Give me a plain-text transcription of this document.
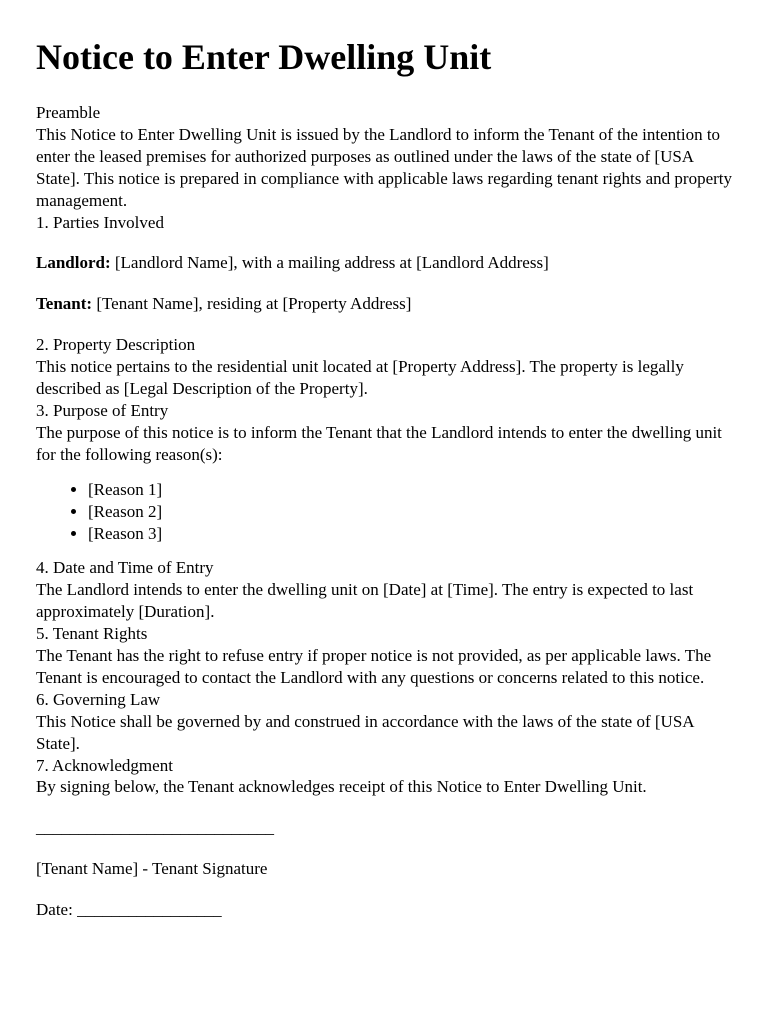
Notice to Enter Dwelling Unit

Preamble

This Notice to Enter Dwelling Unit is issued by the Landlord to inform the Tenant of the intention to enter the leased premises for authorized purposes as outlined under the laws of the state of [USA State]. This notice is prepared in compliance with applicable laws regarding tenant rights and property management.

1. Parties Involved

Landlord: [Landlord Name], with a mailing address at [Landlord Address]

Tenant: [Tenant Name], residing at [Property Address]

2. Property Description

This notice pertains to the residential unit located at [Property Address]. The property is legally described as [Legal Description of the Property].

3. Purpose of Entry

The purpose of this notice is to inform the Tenant that the Landlord intends to enter the dwelling unit for the following reason(s):

• [Reason 1]
• [Reason 2]
• [Reason 3]

4. Date and Time of Entry

The Landlord intends to enter the dwelling unit on [Date] at [Time]. The entry is expected to last approximately [Duration].

5. Tenant Rights

The Tenant has the right to refuse entry if proper notice is not provided, as per applicable laws. The Tenant is encouraged to contact the Landlord with any questions or concerns related to this notice.

6. Governing Law

This Notice shall be governed by and construed in accordance with the laws of the state of [USA State].

7. Acknowledgment

By signing below, the Tenant acknowledges receipt of this Notice to Enter Dwelling Unit.

____________________________

[Tenant Name] - Tenant Signature

Date: _________________
